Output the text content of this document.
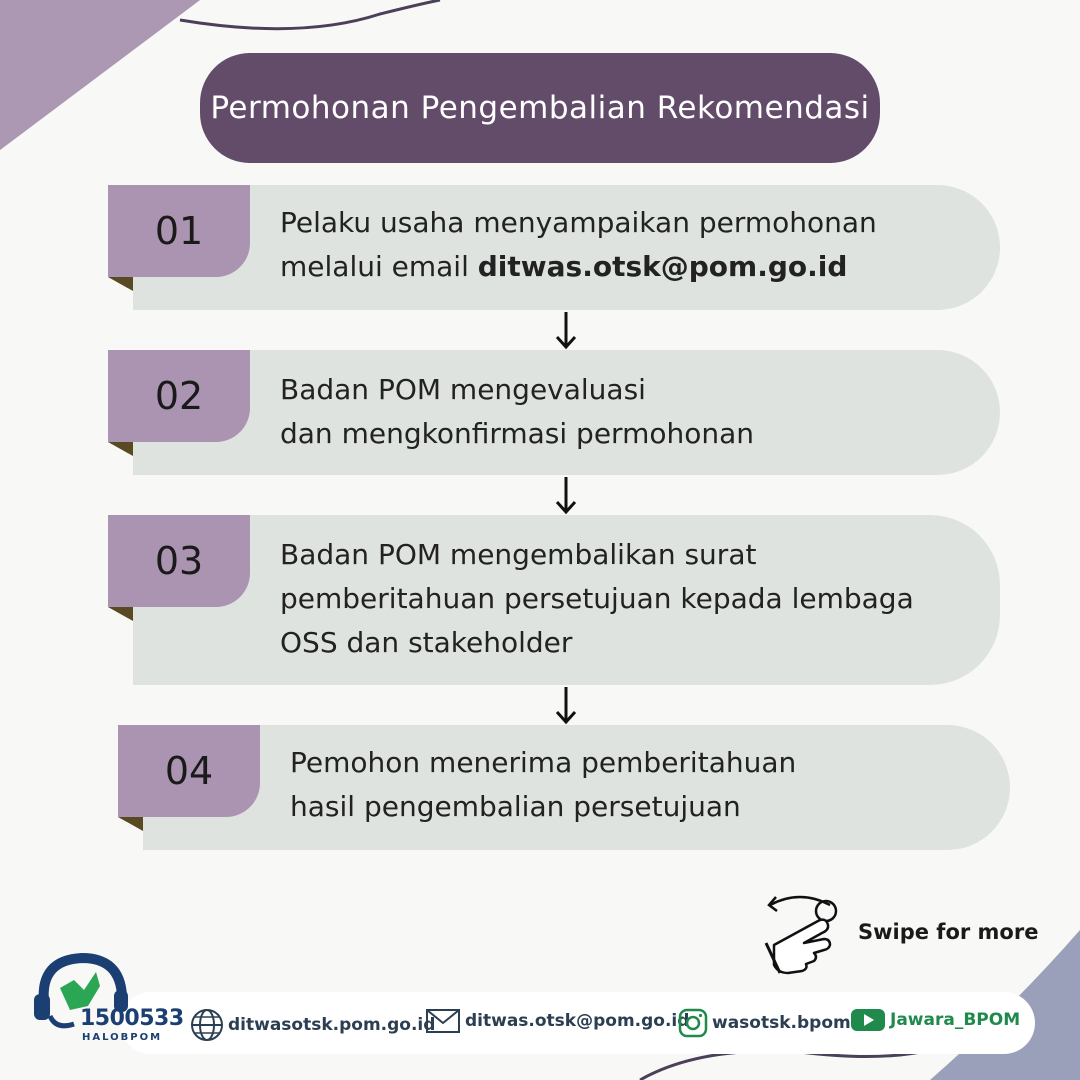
Permohonan Pengembalian Rekomendasi
01	Pelaku usaha menyampaikan permohonan
melalui email ditwas.otsk@pom.go.id
02	Badan POM mengevaluasi
dan mengkonfirmasi permohonan
03	Badan POM mengembalikan surat
pemberitahuan persetujuan kepada lembaga
OSS dan stakeholder
04	Pemohon menerima pemberitahuan
hasil pengembalian persetujuan
Swipe for more
1500533
HALOBPOM
ditwasotsk.pom.go.id ditwas.otsk@pom.go.id wasotsk.bpom Jawara_BPOM
